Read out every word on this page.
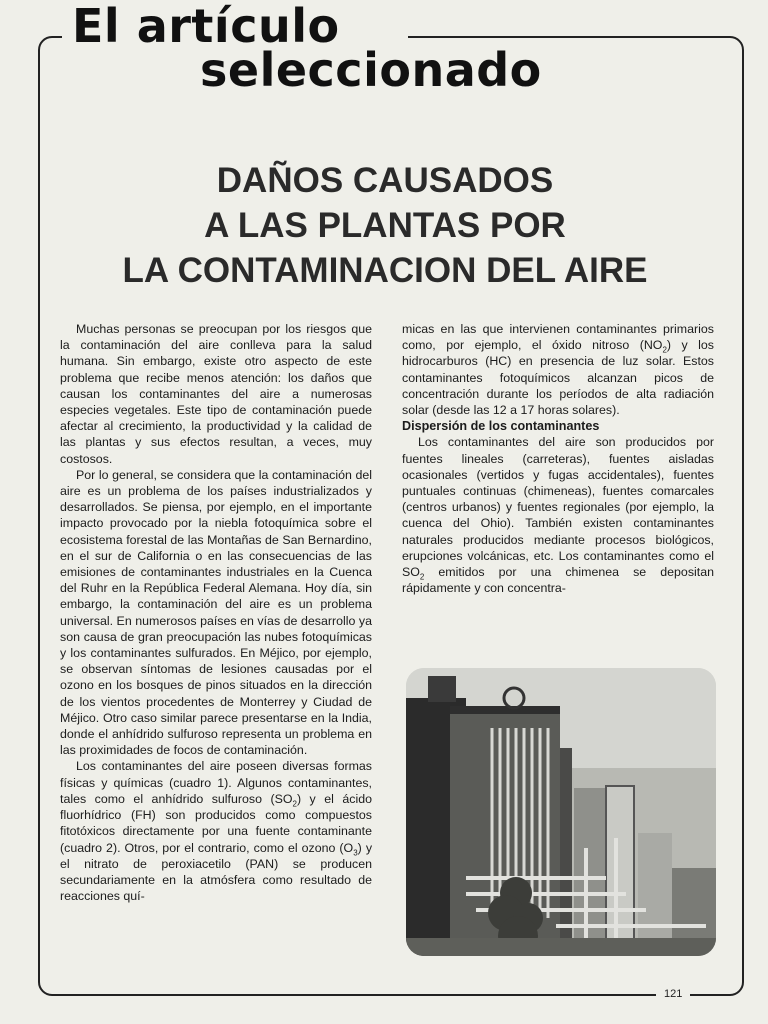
El artículo
seleccionado
DAÑOS CAUSADOS
A LAS PLANTAS POR
LA CONTAMINACION DEL AIRE

Muchas personas se preocupan por los riesgos que la contaminación del aire conlleva para la salud humana. Sin embargo, existe otro aspecto de este problema que recibe menos atención: los daños que causan los contaminantes del aire a numerosas especies vegetales. Este tipo de contaminación puede afectar al crecimiento, la productividad y la calidad de las plantas y sus efectos resultan, a veces, muy costosos.

Por lo general, se considera que la contaminación del aire es un problema de los países industrializados y desarrollados. Se piensa, por ejemplo, en el importante impacto provocado por la niebla fotoquímica sobre el ecosistema forestal de las Montañas de San Bernardino, en el sur de California o en las consecuencias de las emisiones de contaminantes industriales en la Cuenca del Ruhr en la República Federal Alemana. Hoy día, sin embargo, la contaminación del aire es un problema universal. En numerosos países en vías de desarrollo ya son causa de gran preocupación las nubes fotoquímicas y los contaminantes sulfurados. En Méjico, por ejemplo, se observan síntomas de lesiones causadas por el ozono en los bosques de pinos situados en la dirección de los vientos procedentes de Monterrey y Ciudad de Méjico. Otro caso similar parece presentarse en la India, donde el anhídrido sulfuroso representa un problema en las proximidades de focos de contaminación.

Los contaminantes del aire poseen diversas formas físicas y químicas (cuadro 1). Algunos contaminantes, tales como el anhídrido sulfuroso $(SO_2)$ y el ácido fluorhídrico (FH) son producidos como compuestos fitotóxicos directamente por una fuente contaminante (cuadro 2). Otros, por el contrario, como el ozono $(O_3)$ y el nitrato de peroxiacetilo (PAN) se producen secundariamente en la atmósfera como resultado de reacciones quí-

micas en las que intervienen contaminantes primarios como, por ejemplo, el óxido nitroso $(NO_2)$ y los hidrocarburos (HC) en presencia de luz solar. Estos contaminantes fotoquímicos alcanzan picos de concentración durante los períodos de alta radiación solar (desde las 12 a 17 horas solares).

Dispersión de los contaminantes

Los contaminantes del aire son producidos por fuentes lineales (carreteras), fuentes aisladas ocasionales (vertidos y fugas accidentales), fuentes puntuales continuas (chimeneas), fuentes comarcales (centros urbanos) y fuentes regionales (por ejemplo, la cuenca del Ohio). También existen contaminantes naturales producidos mediante procesos biológicos, erupciones volcánicas, etc. Los contaminantes como el $SO_2$ emitidos por una chimenea se depositan rápidamente y con concentra-

121
